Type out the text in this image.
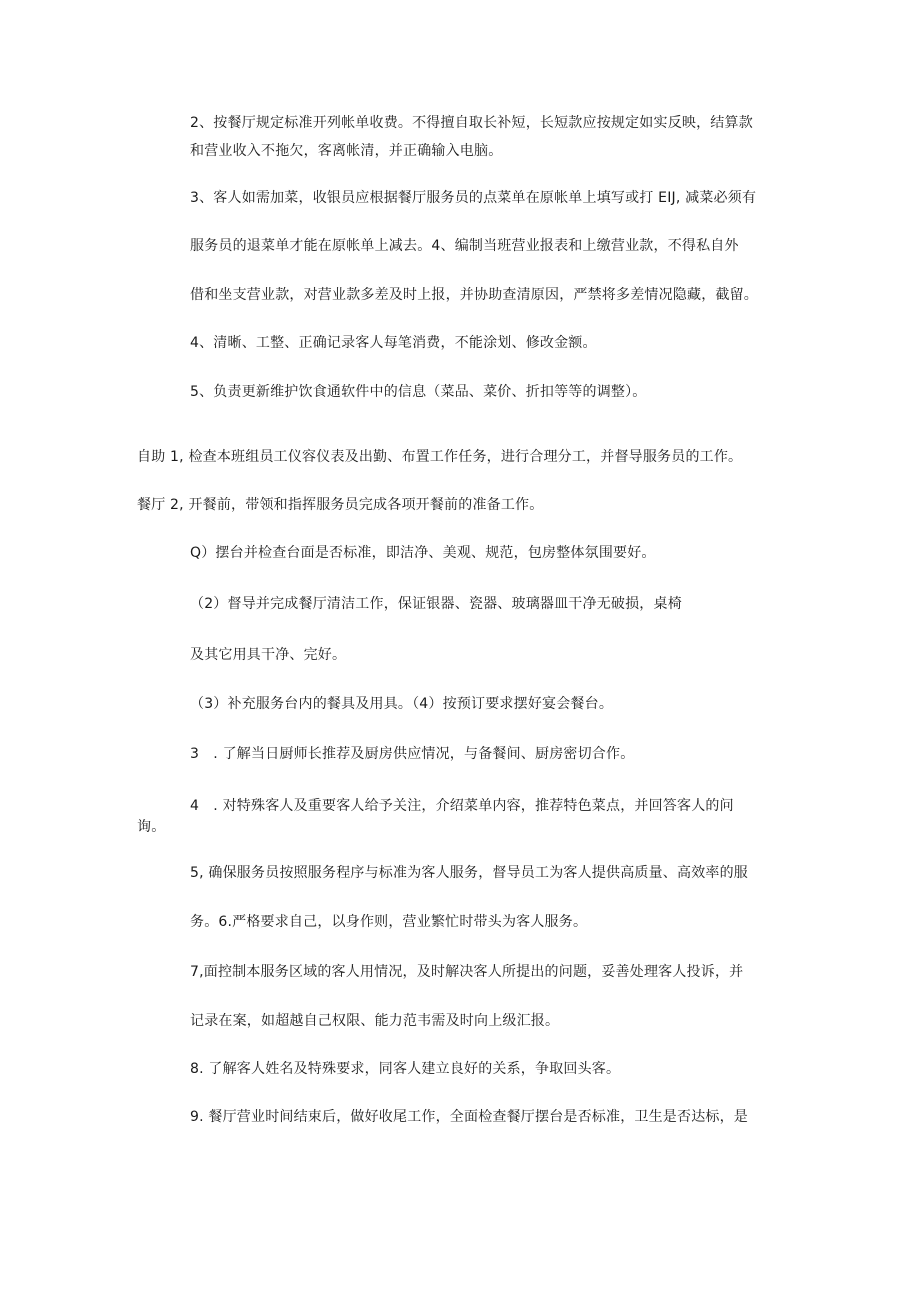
2、按餐厅规定标准开列帐单收费。不得擅自取长补短，长短款应按规定如实反映，结算款
和营业收入不拖欠，客离帐清，并正确输入电脑。
3、客人如需加菜，收银员应根据餐厅服务员的点菜单在原帐单上填写或打 EIJ, 减菜必须有
服务员的退菜单才能在原帐单上减去。4、编制当班营业报表和上缴营业款，不得私自外
借和坐支营业款，对营业款多差及时上报，并协助查清原因，严禁将多差情况隐藏，截留。
4、清晰、工整、正确记录客人每笔消费，不能涂划、修改金额。
5、负责更新维护饮食通软件中的信息（菜品、菜价、折扣等等的调整）。
自助 1, 检查本班组员工仪容仪表及出勤、布置工作任务，进行合理分工，并督导服务员的工作。
餐厅 2, 开餐前，带领和指挥服务员完成各项开餐前的准备工作。
Q）摆台并检查台面是否标准，即洁净、美观、规范，包房整体氛围要好。
（2）督导并完成餐厅清洁工作，保证银器、瓷器、玻璃器皿干净无破损，桌椅
及其它用具干净、完好。
（3）补充服务台内的餐具及用具。（4）按预订要求摆好宴会餐台。
3　. 了解当日厨师长推荐及厨房供应情况，与备餐间、厨房密切合作。
4　. 对特殊客人及重要客人给予关注，介绍菜单内容，推荐特色菜点，并回答客人的问
询。
5, 确保服务员按照服务程序与标准为客人服务，督导员工为客人提供高质量、高效率的服
务。6.严格要求自己，以身作则，营业繁忙时带头为客人服务。
7,面控制本服务区域的客人用情况，及时解决客人所提出的问题，妥善处理客人投诉，并
记录在案，如超越自己权限、能力范韦需及时向上级汇报。
8. 了解客人姓名及特殊要求，同客人建立良好的关系，争取回头客。
9. 餐厅营业时间结束后，做好收尾工作，全面检查餐厅摆台是否标准，卫生是否达标，是
